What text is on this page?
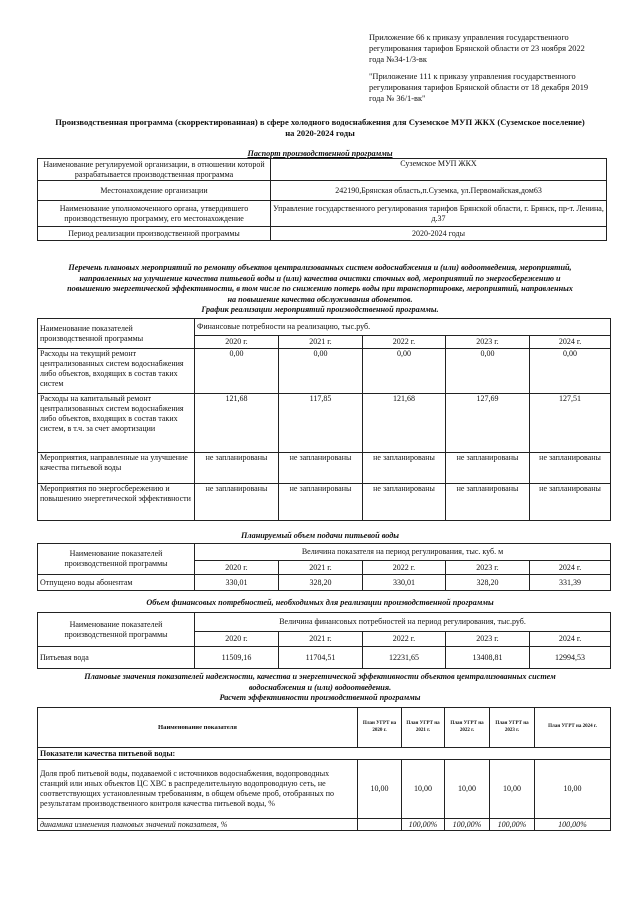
Приложение 66 к приказу управления государственного
регулирования тарифов Брянской области от 23 ноября 2022
года №34-1/3-вк
"Приложение 111 к приказу управления государственного
регулирования тарифов Брянской области от 18 декабря 2019
года № 36/1-вк"
Производственная программа (скорректированная) в сфере холодного водоснабжения для Суземское МУП ЖКХ (Суземское поселение)
на 2020-2024 годы
Паспорт производственной программы
Наименование регулируемой организации, в отношении которой разрабатывается производственная программа	Суземское МУП ЖКХ
Местонахождение организации	242190,Брянская область,п.Суземка, ул.Первомайская,дом63
Наименование уполномоченного органа, утвердившего производственную программу, его местонахождение	Управление государственного регулирования тарифов Брянской области, г. Брянск, пр-т. Ленина, д.37
Период реализации производственной программы	2020-2024 годы
Перечень плановых мероприятий по ремонту объектов централизованных систем водоснабжения и (или) водоотведения, мероприятий,
направленных на улучшение качества питьевой воды и (или) качества очистки сточных вод, мероприятий по энергосбережению и
повышению энергетической эффективности, в том числе по снижению потерь воды при транспортировке, мероприятий, направленных
на повышение качества обслуживания абонентов.
График реализации мероприятий производственной программы.
Наименование показателей производственной программы	Финансовые потребности на реализацию, тыс.руб.				
	2020 г.	2021 г.	2022 г.	2023 г.	2024 г.
Расходы на текущий ремонт централизованных систем водоснабжения либо объектов, входящих в состав таких систем	0,00	0,00	0,00	0,00	0,00
Расходы на капитальный ремонт централизованных систем водоснабжения либо объектов, входящих в состав таких систем, в т.ч. за счет амортизации	121,68	117,85	121,68	127,69	127,51
Мероприятия, направленные на улучшение качества питьевой воды	не запланированы	не запланированы	не запланированы	не запланированы	не запланированы
Мероприятия по энергосбережению и повышению энергетической эффективности	не запланированы	не запланированы	не запланированы	не запланированы	не запланированы
Планируемый объем подачи питьевой воды
Наименование показателей производственной программы	Величина показателя на период регулирования, тыс. куб. м				
	2020 г.	2021 г.	2022 г.	2023 г.	2024 г.
Отпущено воды абонентам	330,01	328,20	330,01	328,20	331,39
Объем финансовых потребностей, необходимых для реализации производственной программы
Наименование показателей производственной программы	Величина финансовых потребностей на период регулирования, тыс.руб.				
	2020 г.	2021 г.	2022 г.	2023 г.	2024 г.
Питьевая вода	11509,16	11704,51	12231,65	13408,81	12994,53
Плановые значения показателей надежности, качества и энергетической эффективности объектов централизованных систем
водоснабжения и (или) водоотведения.
Расчет эффективности производственной программы
Наименование показателя	План УГРТ на 2020 г.	План УГРТ на 2021 г.	План УГРТ на 2022 г.	План УГРТ на 2023 г.	План УГРТ на 2024 г.
Показатели качества питьевой воды:					
Доля проб питьевой воды, подаваемой с источников водоснабжения, водопроводных станций или иных объектов ЦС ХВС в распределительную водопроводную сеть, не соответствующих установленным требованиям, в общем объеме проб, отобранных по результатам производственного контроля качества питьевой воды, %	10,00	10,00	10,00	10,00	10,00
динамика изменения плановых значений показателя, %		100,00%	100,00%	100,00%	100,00%
